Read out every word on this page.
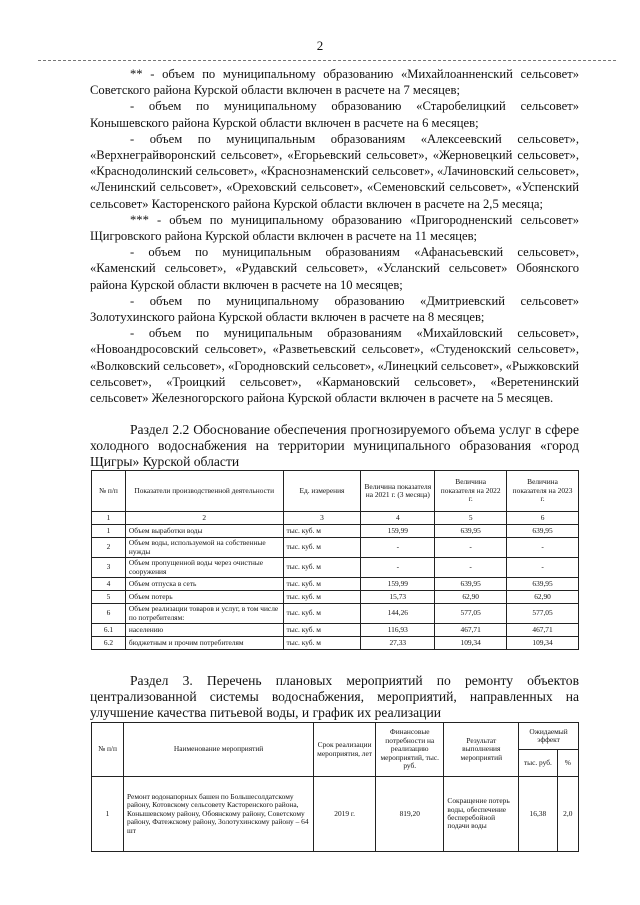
2

** - объем по муниципальному образованию «Михайлоанненский сельсовет» Советского района Курской области включен в расчете на 7 месяцев;

- объем по муниципальному образованию «Старобелицкий сельсовет» Конышевского района Курской области включен в расчете на 6 месяцев;

- объем по муниципальным образованиям «Алексеевский сельсовет», «Верхнеграйворонский сельсовет», «Егорьевский сельсовет», «Жерновецкий сельсовет», «Краснодолинский сельсовет», «Краснознаменский сельсовет», «Лачиновский сельсовет», «Ленинский сельсовет», «Ореховский сельсовет», «Семеновский сельсовет», «Успенский сельсовет» Касторенского района Курской области включен в расчете на 2,5 месяца;

*** - объем по муниципальному образованию «Пригородненский сельсовет» Щигровского района Курской области включен в расчете на 11 месяцев;

- объем по муниципальным образованиям «Афанасьевский сельсовет», «Каменский сельсовет», «Рудавский сельсовет», «Усланский сельсовет» Обоянского района Курской области включен в расчете на 10 месяцев;

- объем по муниципальному образованию «Дмитриевский сельсовет» Золотухинского района Курской области включен в расчете на 8 месяцев;

- объем по муниципальным образованиям «Михайловский сельсовет», «Новоандросовский сельсовет», «Разветьевский сельсовет», «Студенокский сельсовет», «Волковский сельсовет», «Городновский сельсовет», «Линецкий сельсовет», «Рыжковский сельсовет», «Троицкий сельсовет», «Кармановский сельсовет», «Веретенинский сельсовет» Железногорского района Курской области включен в расчете на 5 месяцев.

Раздел 2.2 Обоснование обеспечения прогнозируемого объема услуг в сфере холодного водоснабжения на территории муниципального образования «город Щигры» Курской области
№ п/п	Показатели производственной деятельности	Ед. измерения	Величина показателя на 2021 г. (3 месяца)	Величина показателя на 2022 г.	Величина показателя на 2023 г.
1	2	3	4	5	6
1	Объем выработки воды	тыс. куб. м	159,99	639,95	639,95
2	Объем воды, используемой на собственные нужды	тыс. куб. м	-	-	-
3	Объем пропущенной воды через очистные сооружения	тыс. куб. м	-	-	-
4	Объем отпуска в сеть	тыс. куб. м	159,99	639,95	639,95
5	Объем потерь	тыс. куб. м	15,73	62,90	62,90
6	Объем реализации товаров и услуг, в том числе по потребителям:	тыс. куб. м	144,26	577,05	577,05
6.1	населению	тыс. куб. м	116,93	467,71	467,71
6.2	бюджетным и прочим потребителям	тыс. куб. м	27,33	109,34	109,34
Раздел 3. Перечень плановых мероприятий по ремонту объектов централизованной системы водоснабжения, мероприятий, направленных на улучшение качества питьевой воды, и график их реализации
№ п/п	Наименование мероприятий	Срок реализации мероприятия, лет	Финансовые потребности на реализацию мероприятий, тыс. руб.	Результат выполнения мероприятий	Ожидаемый эффект	
					тыс. руб.	%
1	Ремонт водонапорных башен по Большесолдатскому району, Котовскому сельсовету Касторенского района, Конышевскому району, Обоянскому району, Советскому району, Фатежскому району, Золотухинскому району – 64 шт	2019 г.	819,20	Сокращение потерь воды, обеспечение бесперебойной подачи воды	16,38	2,0
